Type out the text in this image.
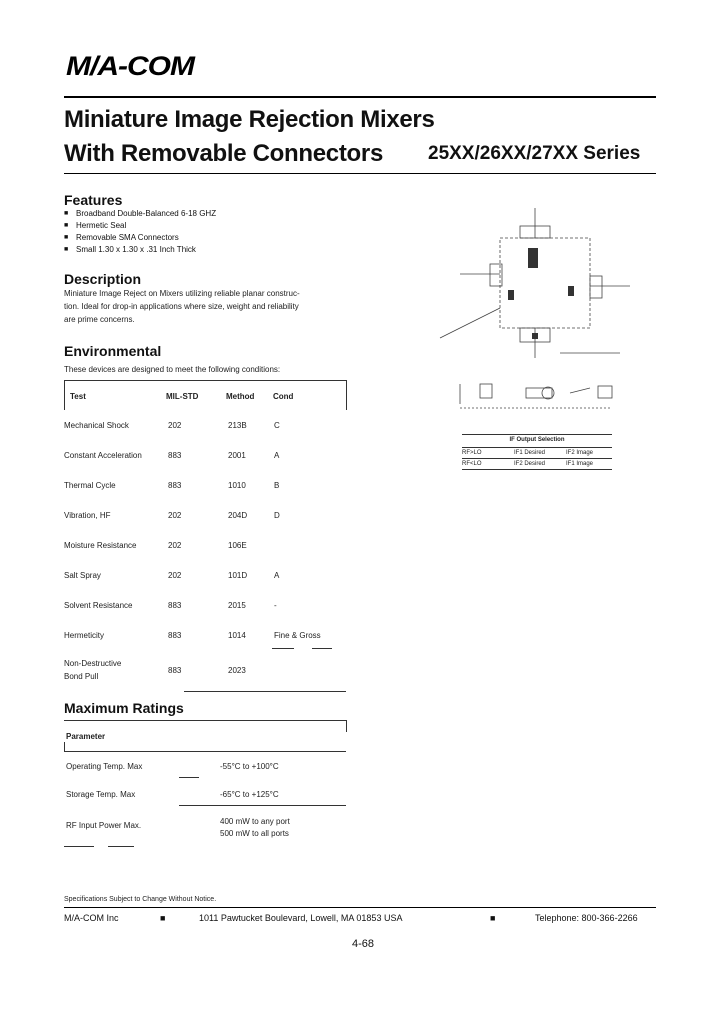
M/A-COM
Miniature Image Rejection Mixers
With Removable Connectors 25XX/26XX/27XX Series
Features
■ Broadband Double-Balanced 6-18 GHZ
■ Hermetic Seal
■ Removable SMA Connectors
■ Small 1.30 x 1.30 x .31 Inch Thick
Description
Miniature Image Reject on Mixers utilizing reliable planar construc-
tion. Ideal for drop-in applications where size, weight and reliability
are prime concerns.
Environmental
These devices are designed to meet the following conditions:
Test	MIL-STD	Method Cond
Mechanical Shock	202	213B	C
Constant Acceleration	883	2001	A
Thermal Cycle	883	1010	B
Vibration, HF	202	204D	D
Moisture Resistance	202	106E
Salt Spray	202	101D	A
Solvent Resistance	883	2015	-
Hermeticity	883	1014	Fine & Gross
Non-Destructive
Bond Pull
883	2023
Maximum Ratings
Parameter
Operating Temp. Max	-55°C to +100°C
Storage Temp. Max	-65°C to +125°C
RF Input Power Max.	400 mW to any port
500 mW to all ports
IF Output Selection
RF>LO	IF1 Desired	IF2 Image
RF<LO	IF2 Desired	IF1 Image
Specifications Subject to Change Without Notice.
M/A-COM Inc	■	1011 Pawtucket Boulevard, Lowell, MA 01853 USA	■	Telephone: 800-366-2266
4-68
